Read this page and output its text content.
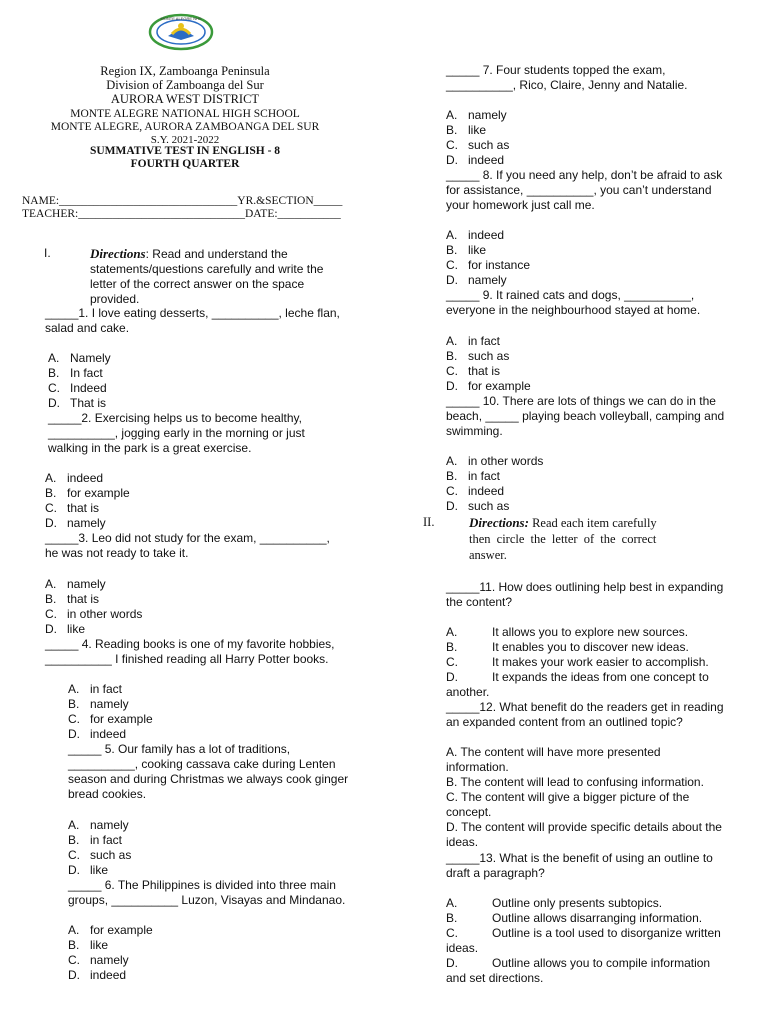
MONTE ALEGRE NHS
Region IX, Zamboanga Peninsula
Division of Zamboanga del Sur
AURORA WEST DISTRICT
MONTE ALEGRE NATIONAL HIGH SCHOOL
MONTE ALEGRE, AURORA ZAMBOANGA DEL SUR
S.Y. 2021-2022
SUMMATIVE TEST IN ENGLISH - 8
FOURTH QUARTER
NAME:_______________________________YR.&SECTION_____
TEACHER:_____________________________DATE:___________
I.	Directions: Read and understand the
statements/questions carefully and write the
letter of the correct answer on the space
provided.
_____1. I love eating desserts, __________, leche flan,
salad and cake.
A. Namely
B. In fact
C. Indeed
D. That is
_____2. Exercising helps us to become healthy,
__________, jogging early in the morning or just
walking in the park is a great exercise.
A. indeed
B. for example
C. that is
D. namely
_____3. Leo did not study for the exam, __________,
he was not ready to take it.
A. namely
B. that is
C. in other words
D. like
_____ 4. Reading books is one of my favorite hobbies,
__________ I finished reading all Harry Potter books.
A. in fact
B. namely
C. for example
D. indeed
_____ 5. Our family has a lot of traditions,
__________, cooking cassava cake during Lenten
season and during Christmas we always cook ginger
bread cookies.
A. namely
B. in fact
C. such as
D. like
_____ 6. The Philippines is divided into three main
groups, __________ Luzon, Visayas and Mindanao.
A. for example
B. like
C. namely
D. indeed
_____ 7. Four students topped the exam,
__________, Rico, Claire, Jenny and Natalie.
A. namely
B. like
C. such as
D. indeed
_____ 8. If you need any help, don’t be afraid to ask
for assistance, __________, you can’t understand
your homework just call me.
A. indeed
B. like
C. for instance
D. namely
_____ 9. It rained cats and dogs, __________,
everyone in the neighbourhood stayed at home.
A. in fact
B. such as
C. that is
D. for example
_____ 10. There are lots of things we can do in the
beach, _____ playing beach volleyball, camping and
swimming.
A. in other words
B. in fact
C. indeed
D. such as
II.	Directions: Read each item carefully
then circle the letter of the correct
answer.
_____11. How does outlining help best in expanding
the content?
A.	It allows you to explore new sources.
B.	It enables you to discover new ideas.
C.	It makes your work easier to accomplish.
D.	It expands the ideas from one concept to
another.
_____12. What benefit do the readers get in reading
an expanded content from an outlined topic?
A. The content will have more presented
information.
B. The content will lead to confusing information.
C. The content will give a bigger picture of the
concept.
D. The content will provide specific details about the
ideas.
_____13. What is the benefit of using an outline to
draft a paragraph?
A.	Outline only presents subtopics.
B.	Outline allows disarranging information.
C.	Outline is a tool used to disorganize written
ideas.
D.	Outline allows you to compile information
and set directions.
